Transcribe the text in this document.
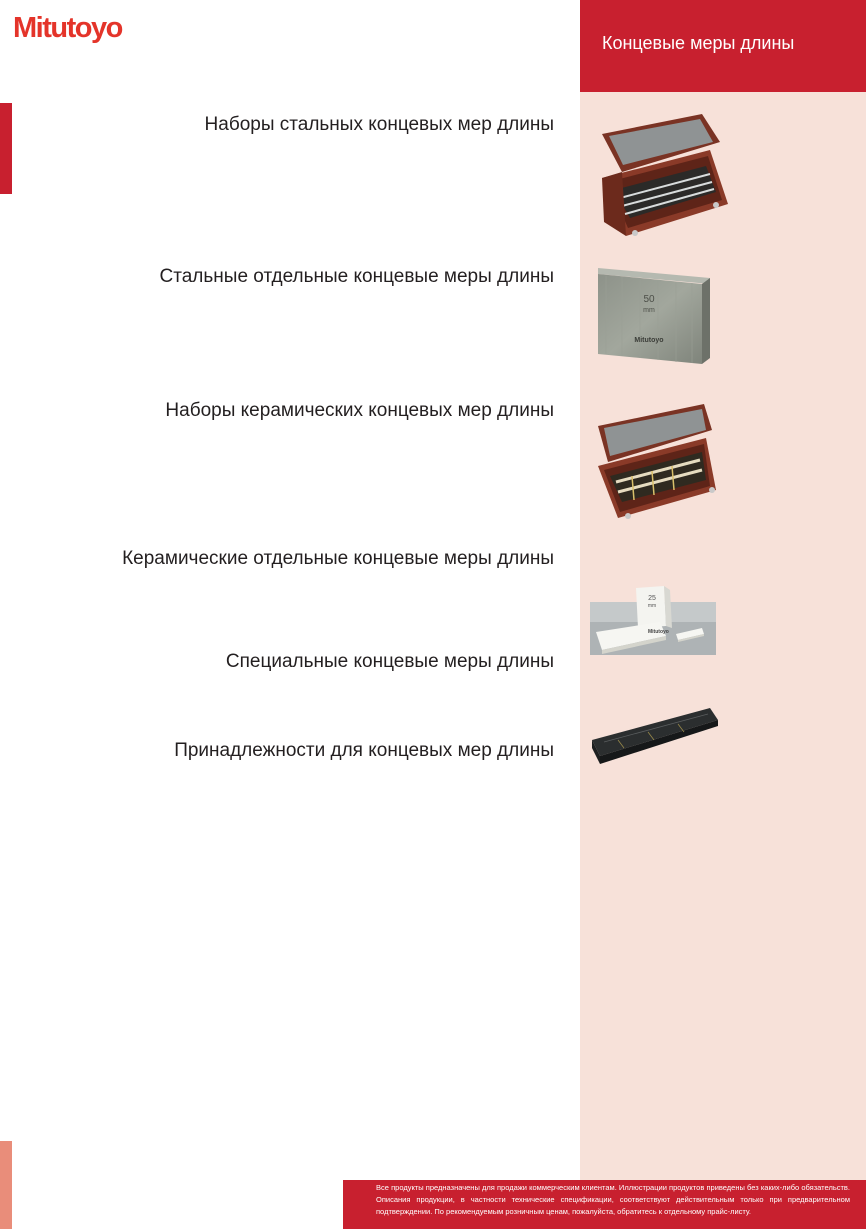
Концевые меры длины
Mitutoyo
Наборы стальных концевых мер длины
Стальные отдельные концевые меры длины
Наборы керамических концевых мер длины
Керамические отдельные концевые меры длины
Специальные концевые меры длины
Принадлежности для концевых мер длины
50
mm
Mitutoyo
25
mm
Mitutoyo
Все продукты предназначены для продажи коммерческим клиентам. Иллюстрации продуктов приведены без каких-либо обязательств. Описания продукции, в частности технические спецификации, соответствуют действительным только при предварительном подтверждении. По рекомендуемым розничным ценам, пожалуйста, обратитесь к отдельному прайс-листу.
